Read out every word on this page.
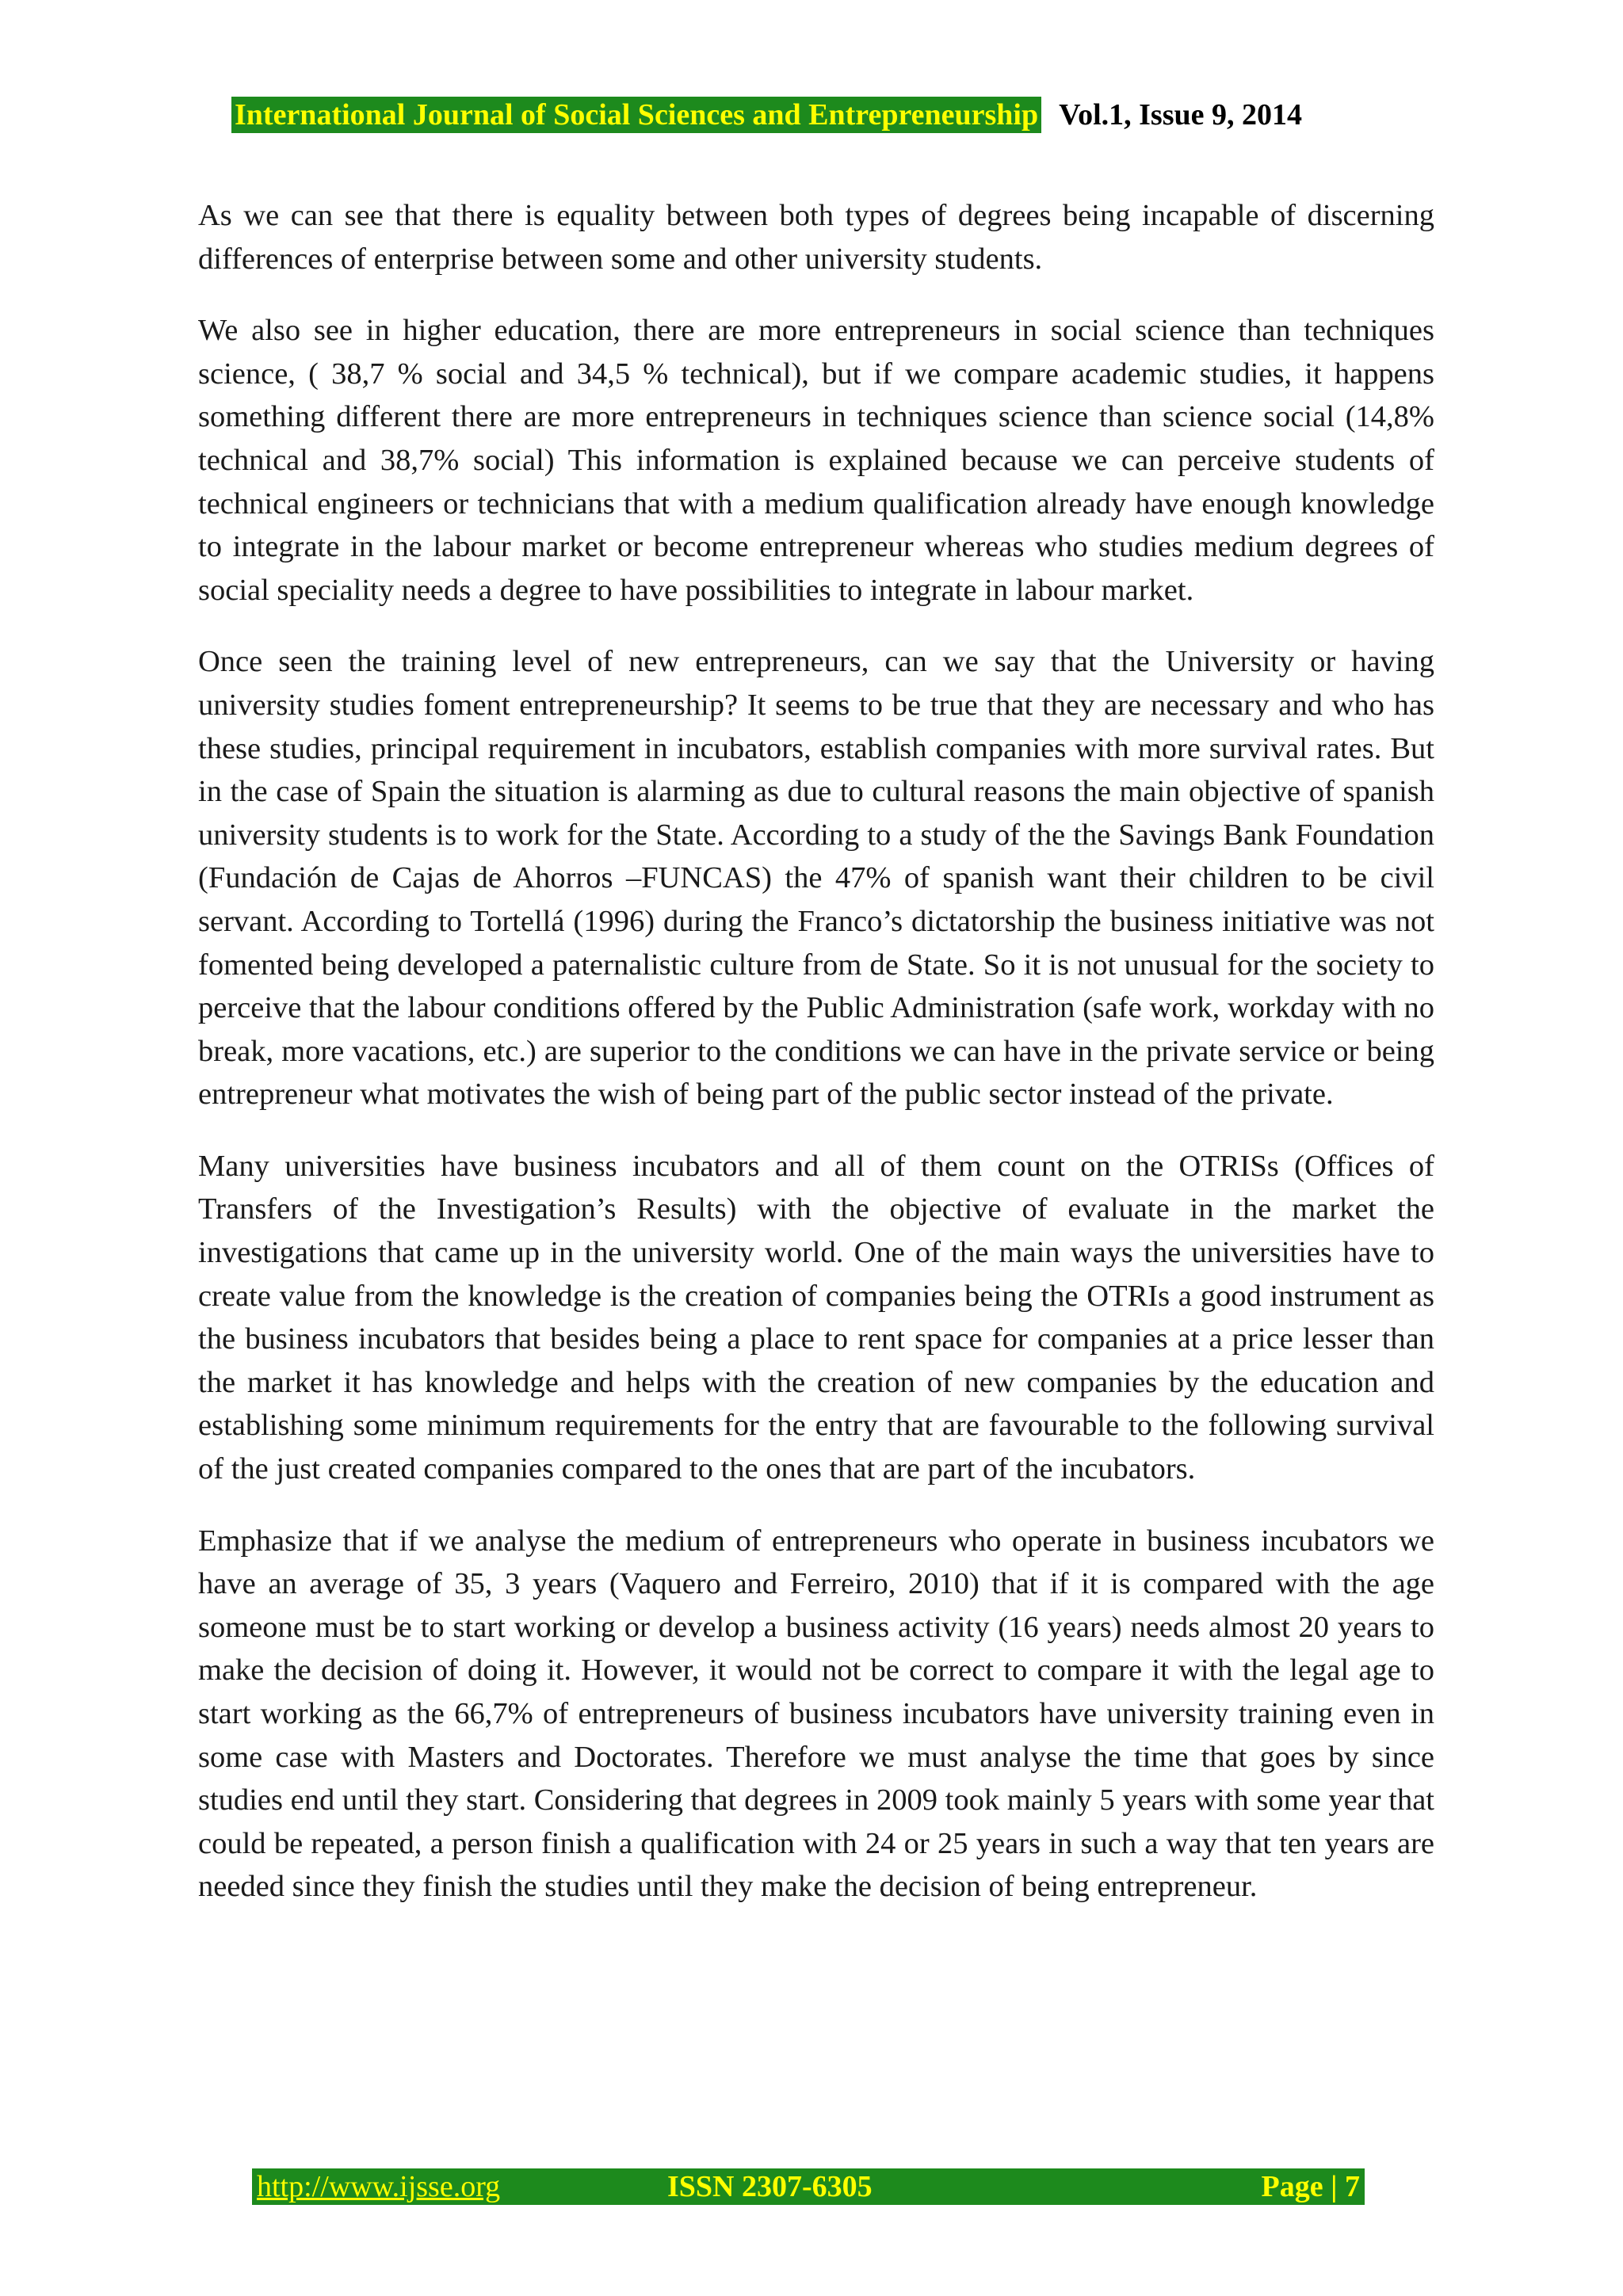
International Journal of Social Sciences and Entrepreneurship Vol.1, Issue 9, 2014

As we can see that there is equality between both types of degrees being incapable of discerning differences of enterprise between some and other university students.

We also see in higher education, there are more entrepreneurs in social science than techniques science, ( 38,7 % social and 34,5 % technical), but if we compare academic studies, it happens something different there are more entrepreneurs in techniques science than science social (14,8% technical and 38,7% social) This information is explained because we can perceive students of technical engineers or technicians that with a medium qualification already have enough knowledge to integrate in the labour market or become entrepreneur whereas who studies medium degrees of social speciality needs a degree to have possibilities to integrate in labour market.

Once seen the training level of new entrepreneurs, can we say that the University or having university studies foment entrepreneurship? It seems to be true that they are necessary and who has these studies, principal requirement in incubators, establish companies with more survival rates. But in the case of Spain the situation is alarming as due to cultural reasons the main objective of spanish university students is to work for the State. According to a study of the the Savings Bank Foundation (Fundación de Cajas de Ahorros –FUNCAS) the 47% of spanish want their children to be civil servant. According to Tortellá (1996) during the Franco’s dictatorship the business initiative was not fomented being developed a paternalistic culture from de State. So it is not unusual for the society to perceive that the labour conditions offered by the Public Administration (safe work, workday with no break, more vacations, etc.) are superior to the conditions we can have in the private service or being entrepreneur what motivates the wish of being part of the public sector instead of the private.

Many universities have business incubators and all of them count on the OTRISs (Offices of Transfers of the Investigation’s Results) with the objective of evaluate in the market the investigations that came up in the university world. One of the main ways the universities have to create value from the knowledge is the creation of companies being the OTRIs a good instrument as the business incubators that besides being a place to rent space for companies at a price lesser than the market it has knowledge and helps with the creation of new companies by the education and establishing some minimum requirements for the entry that are favourable to the following survival of the just created companies compared to the ones that are part of the incubators.

Emphasize that if we analyse the medium of entrepreneurs who operate in business incubators we have an average of 35, 3 years (Vaquero and Ferreiro, 2010) that if it is compared with the age someone must be to start working or develop a business activity (16 years) needs almost 20 years to make the decision of doing it. However, it would not be correct to compare it with the legal age to start working as the 66,7% of entrepreneurs of business incubators have university training even in some case with Masters and Doctorates. Therefore we must analyse the time that goes by since studies end until they start. Considering that degrees in 2009 took mainly 5 years with some year that could be repeated, a person finish a qualification with 24 or 25 years in such a way that ten years are needed since they finish the studies until they make the decision of being entrepreneur.

http://www.ijsse.org	ISSN 2307-6305	Page | 7
